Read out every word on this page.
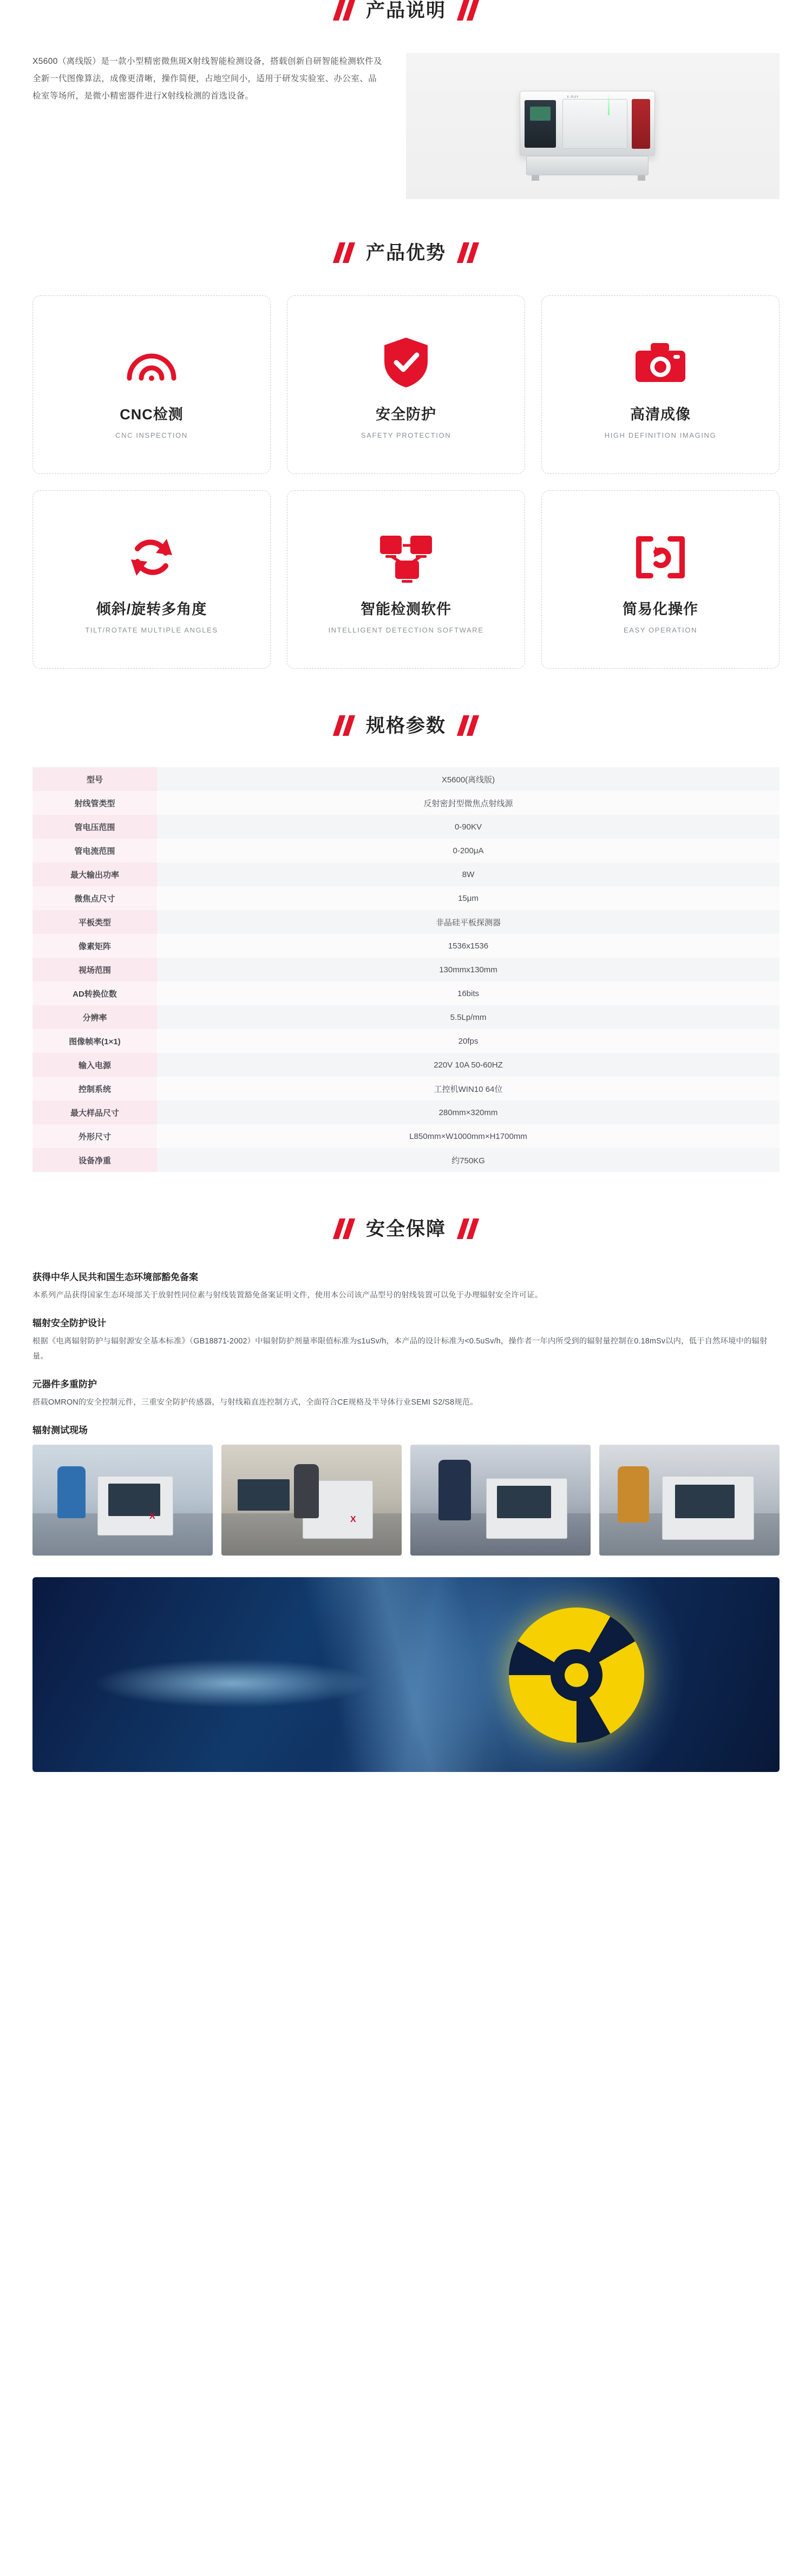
产品说明
X5600（离线版）是一款小型精密微焦斑X射线智能检测设备，搭载创新自研智能检测软件及全新一代图像算法，成像更清晰，操作简便，占地空间小，适用于研发实验室、办公室、品检室等场所，是微小精密器件进行X射线检测的首选设备。	X-RAY
产品优势
CNC检测
CNC INSPECTION
安全防护
SAFETY PROTECTION
高清成像
HIGH DEFINITION IMAGING
倾斜/旋转多角度
TILT/ROTATE MULTIPLE ANGLES
智能检测软件
INTELLIGENT DETECTION SOFTWARE
简易化操作
EASY OPERATION
规格参数
型号	X5600(离线版)
射线管类型	反射密封型微焦点射线源
管电压范围	0-90KV
管电流范围	0-200μA
最大输出功率	8W
微焦点尺寸	15μm
平板类型	非晶硅平板探测器
像素矩阵	1536x1536
视场范围	130mmx130mm
AD转换位数	16bits
分辨率	5.5Lp/mm
图像帧率(1×1)	20fps
输入电源	220V 10A 50-60HZ
控制系统	工控机WIN10 64位
最大样品尺寸	280mm×320mm
外形尺寸	L850mm×W1000mm×H1700mm
设备净重	约750KG
安全保障
获得中华人民共和国生态环境部豁免备案
本系列产品获得国家生态环境部关于放射性同位素与射线装置豁免备案证明文件，使用本公司该产品型号的射线装置可以免于办理辐射安全许可证。
辐射安全防护设计
根据《电离辐射防护与辐射源安全基本标准》（GB18871-2002）中辐射防护剂量率限值标准为≤1uSv/h，本产品的设计标准为<0.5uSv/h，操作者一年内所受到的辐射量控制在0.18mSv以内，低于自然环境中的辐射量。
元器件多重防护
搭载OMRON的安全控制元件，三重安全防护传感器，与射线箱直连控制方式，全面符合CE规格及半导体行业SEMI S2/S8规范。
辐射测试现场
X	X
